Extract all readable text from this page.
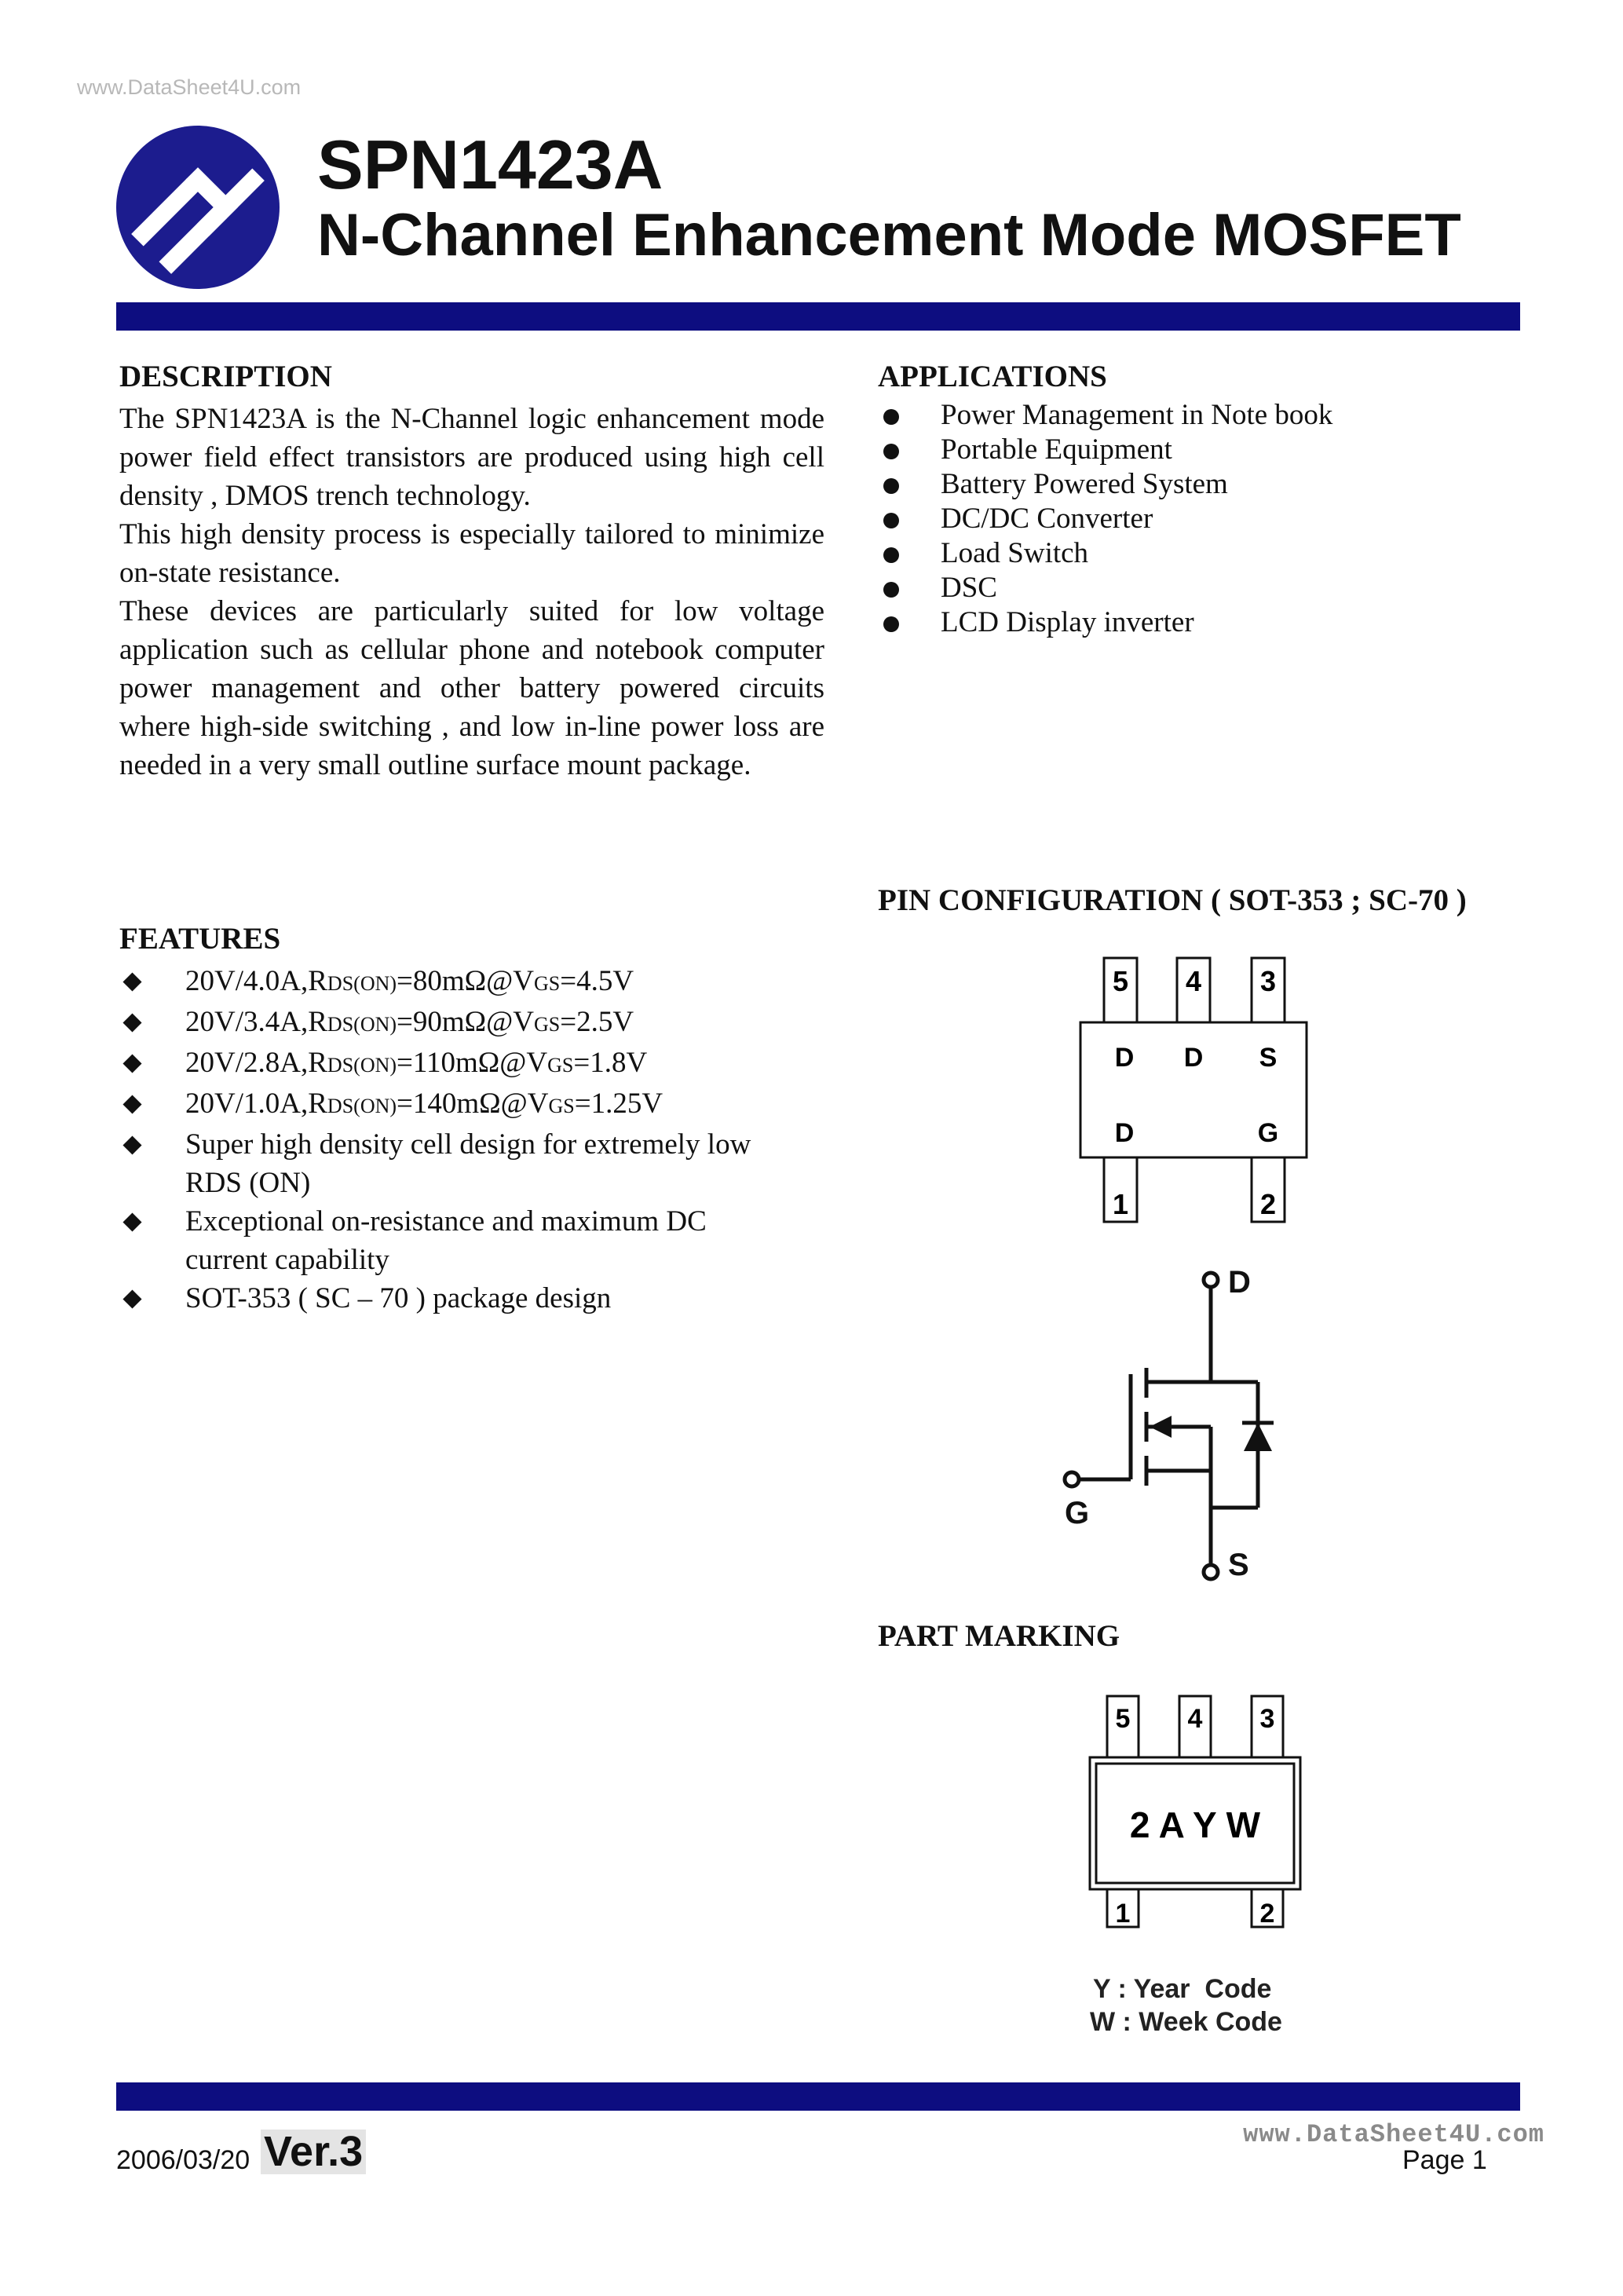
www.DataSheet4U.com
SPN1423A
N-Channel Enhancement Mode MOSFET
DESCRIPTION

The SPN1423A is the N-Channel logic enhancement mode power field effect transistors are produced using high cell density , DMOS trench technology.

This high density process is especially tailored to minimize on-state resistance.

These devices are particularly suited for low voltage application such as cellular phone and notebook computer power management and other battery powered circuits where high-side switching , and low in-line power loss are needed in a very small outline surface mount package.

APPLICATIONS
Power Management in Note book
Portable Equipment
Battery Powered System
DC/DC Converter
Load Switch
DSC
LCD Display inverter
FEATURES
20V/4.0A,RDS(ON)=80mΩ@VGS=4.5V
20V/3.4A,RDS(ON)=90mΩ@VGS=2.5V
20V/2.8A,RDS(ON)=110mΩ@VGS=1.8V
20V/1.0A,RDS(ON)=140mΩ@VGS=1.25V
Super high density cell design for extremely low
RDS (ON)
Exceptional on-resistance and maximum DC
current capability
SOT-353 ( SC – 70 ) package design
PIN CONFIGURATION ( SOT-353 ; SC-70 )
5 4 3
D D S
D	G
1	2
D
G
S
PART MARKING
5 4 3
2 A Y W
1	2
Y : Year  Code
W : Week Code
2006/03/20 Ver.3	Page 1
www.DataSheet4U.com
